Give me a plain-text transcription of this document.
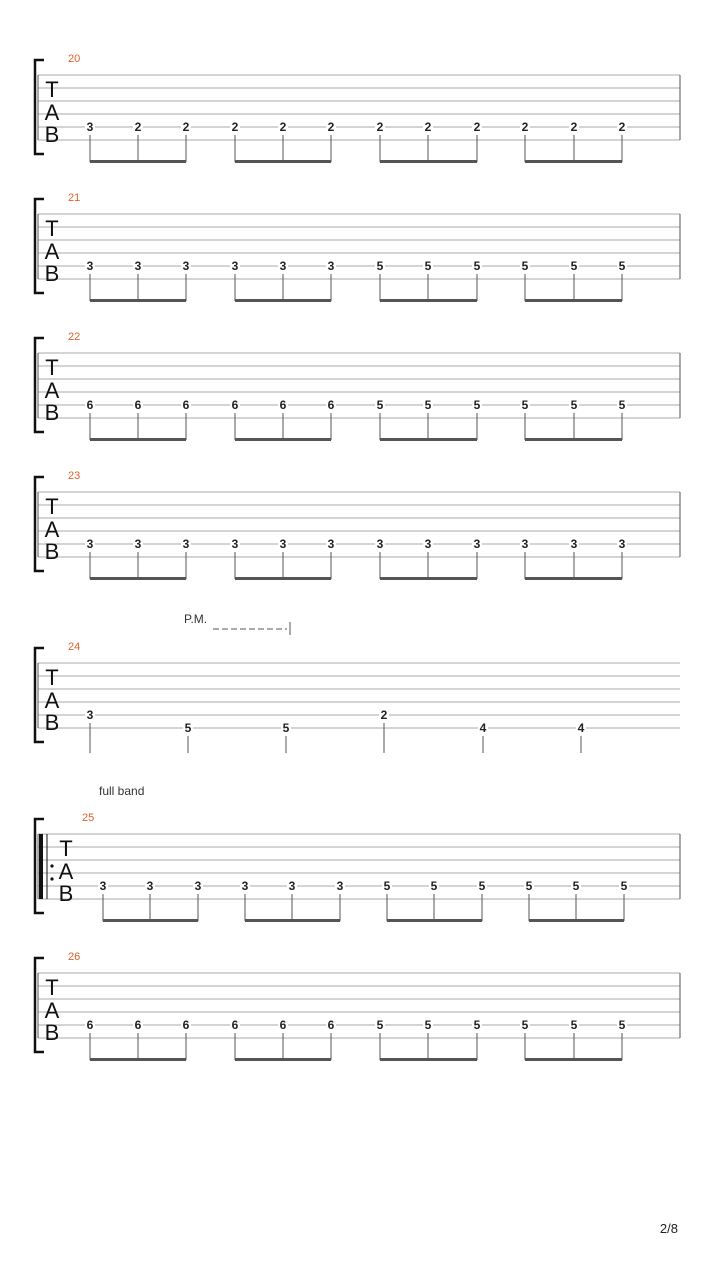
T
A
B
20
3	2	2	2	2	2	2	2	2	2	2	2
T
A
B
21
3	3	3	3	3	3	5	5	5	5	5	5
T
A
B
22
6	6	6	6	6	6	5	5	5	5	5	5
T
A
B
23
3	3	3	3	3	3	3	3	3	3	3	3
T
A
B
24
P.M.
3
5	5
2
4	4
T
A
B
25
full band
3	3	3	3	3	3	5	5	5	5	5	5
T
A
B
26
6	6	6	6	6	6	5	5	5	5	5	5
2/8
